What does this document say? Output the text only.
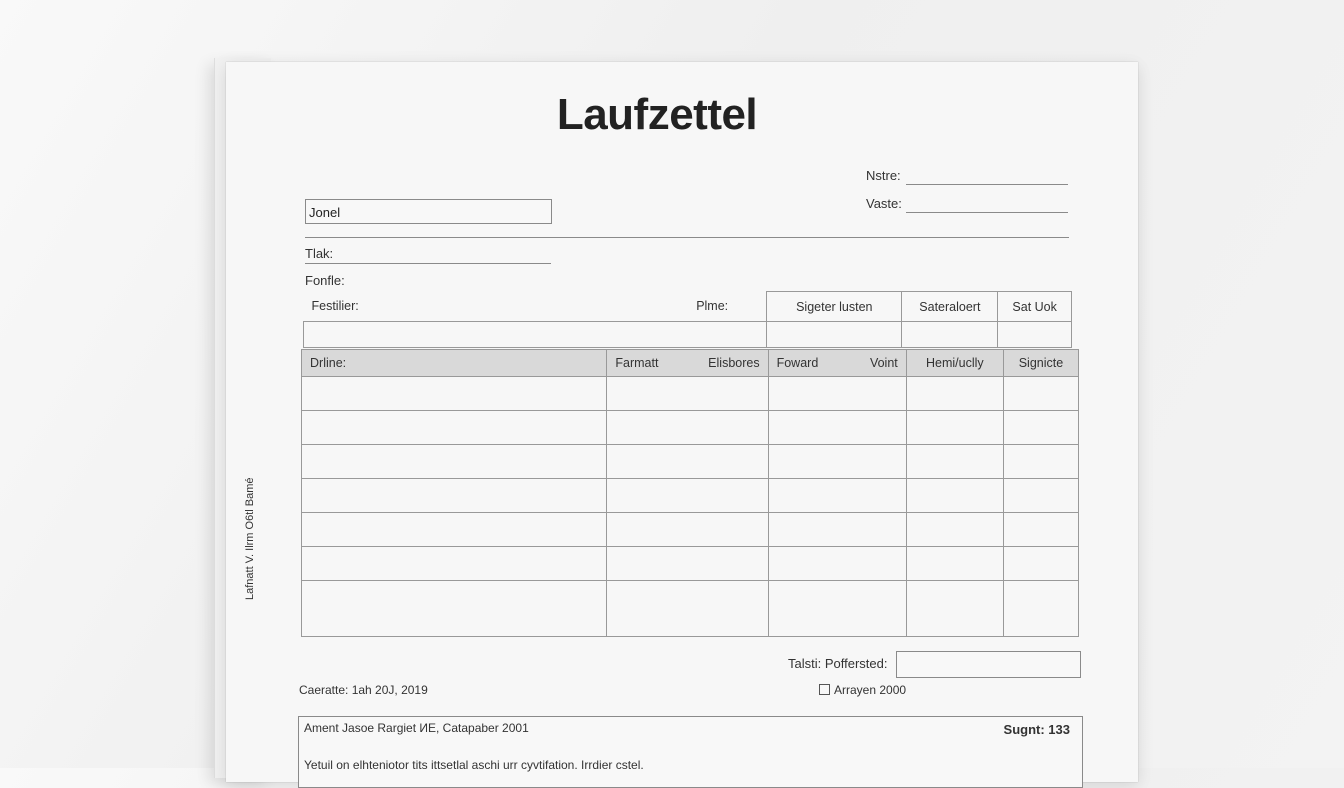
Laufzettel
Nstre:
Vaste:
Jonel
Tlak:
Fonfle:
Festilier: Plme:	Sigeter lusten	Sateraloert	Sat Uok

Drline:	Farmatt Elisbores	Foward Voint	Hemi/uclly	Signicte

Talsti: Poffersted:
Caeratte: 1ah 20J, 2019	Arrayen 2000
Ament Jasoe Rargiet ИE, Catapaber 2001	Sugnt: 133
Yetuil on elhteniotor tits ittsetlal aschi urr cyvtifation. Irrdier cstel.
Lafnatt V. Ilrm O6tl Bamé
